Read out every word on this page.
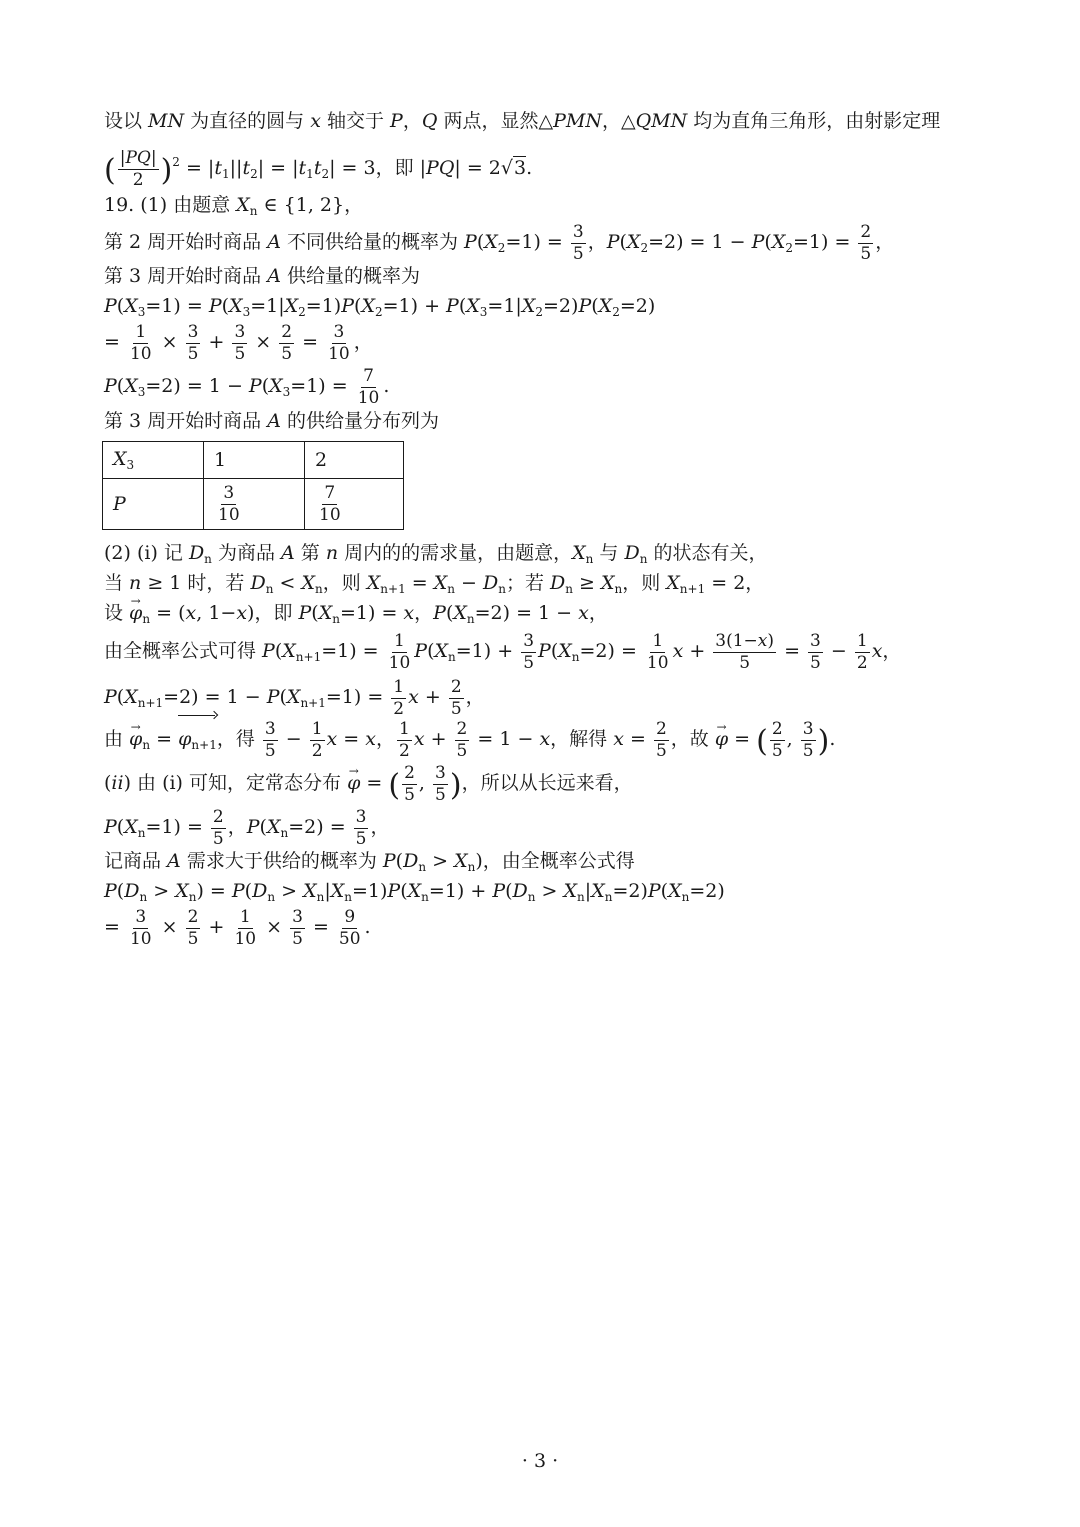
设以 MN 为直径的圆与 x 轴交于 P，Q 两点，显然△PMN，△QMN 均为直角三角形，由射影定理
( $\frac{|PQ|}{2} )^2 = |t_1||t_2| = |t_1t_2| = 3$，即 |PQ| = 2√3.
19. (1) 由题意 $X_n$ ∈ {1, 2}，
第 2 周开始时商品 A 不同供给量的概率为 $P(X_2=1) = \frac{3}{5}$ ，$P(X_2=2) = 1 - P(X_2=1) = \frac{2}{5}$ ，
第 3 周开始时商品 A 供给量的概率为
$P(X_3=1) = P(X_3=1|X_2=1)P(X_2=1) + P(X_3=1|X_2=2)P(X_2=2)$
= $\frac{1}{10} \times \frac{3}{5} + \frac{3}{5} \times \frac{2}{5} = \frac{3}{10}$ ，
$P(X_3=2) = 1 - P(X_3=1) = \frac{7}{10}$ .
第 3 周开始时商品 A 的供给量分布列为
$X_3$	1	2
P	$\frac{3}{10}$	$\frac{7}{10}$
(2) (i) 记 $D_n$ 为商品 A 第 n 周内的的需求量，由题意，$X_n$ 与 $D_n$ 的状态有关，
当 n ≥ 1 时，若 $D_n < X_n$，则 $X_{n+1} = X_n - D_n$；若 $D_n \ge X_n$，则 $X_{n+1} = 2$，
设 → $\varphi_n = (x$, 1−x)，即 $P(X_n=1) = x$，$P(X_n=2) = 1 - x$，
由全概率公式可得 $P(X_{n+1}=1) = \frac{1}{10} P(X_n=1) + \frac{3}{5} P(X_n=2) = \frac{1}{10}$ $x + \frac{3(1-x)}{5} = \frac{3}{5} - \frac{1}{2}$ x，
$P(X_{n+1}=2) = 1 - P(X_{n+1}=1) = \frac{1}{2}$ $x + \frac{2}{5}$ ，
由 → $\varphi_n = \varphi_{n+1}$，得 $\frac{3}{5} - \frac{1}{2}$ x = x， $\frac{1}{2}$ $x + \frac{2}{5} = 1 - x$，解得 $x = \frac{2}{5}$ ，故 → φ = ( $\frac{2}{5}$ , $\frac{3}{5}$ ).
(ii) 由 (i) 可知，定常态分布 → φ = ( $\frac{2}{5}$ , $\frac{3}{5}$ )，所以从长远来看，
$P(X_n=1) = \frac{2}{5}$ ，$P(X_n=2) = \frac{3}{5}$ ，
记商品 A 需求大于供给的概率为 $P(D_n > X_n)$，由全概率公式得
$P(D_n > X_n) = P(D_n > X_n|X_n=1)P(X_n=1) + P(D_n > X_n|X_n=2)P(X_n=2)$
= $\frac{3}{10} \times \frac{2}{5} + \frac{1}{10} \times \frac{3}{5} = \frac{9}{50}$ .
· 3 ·
